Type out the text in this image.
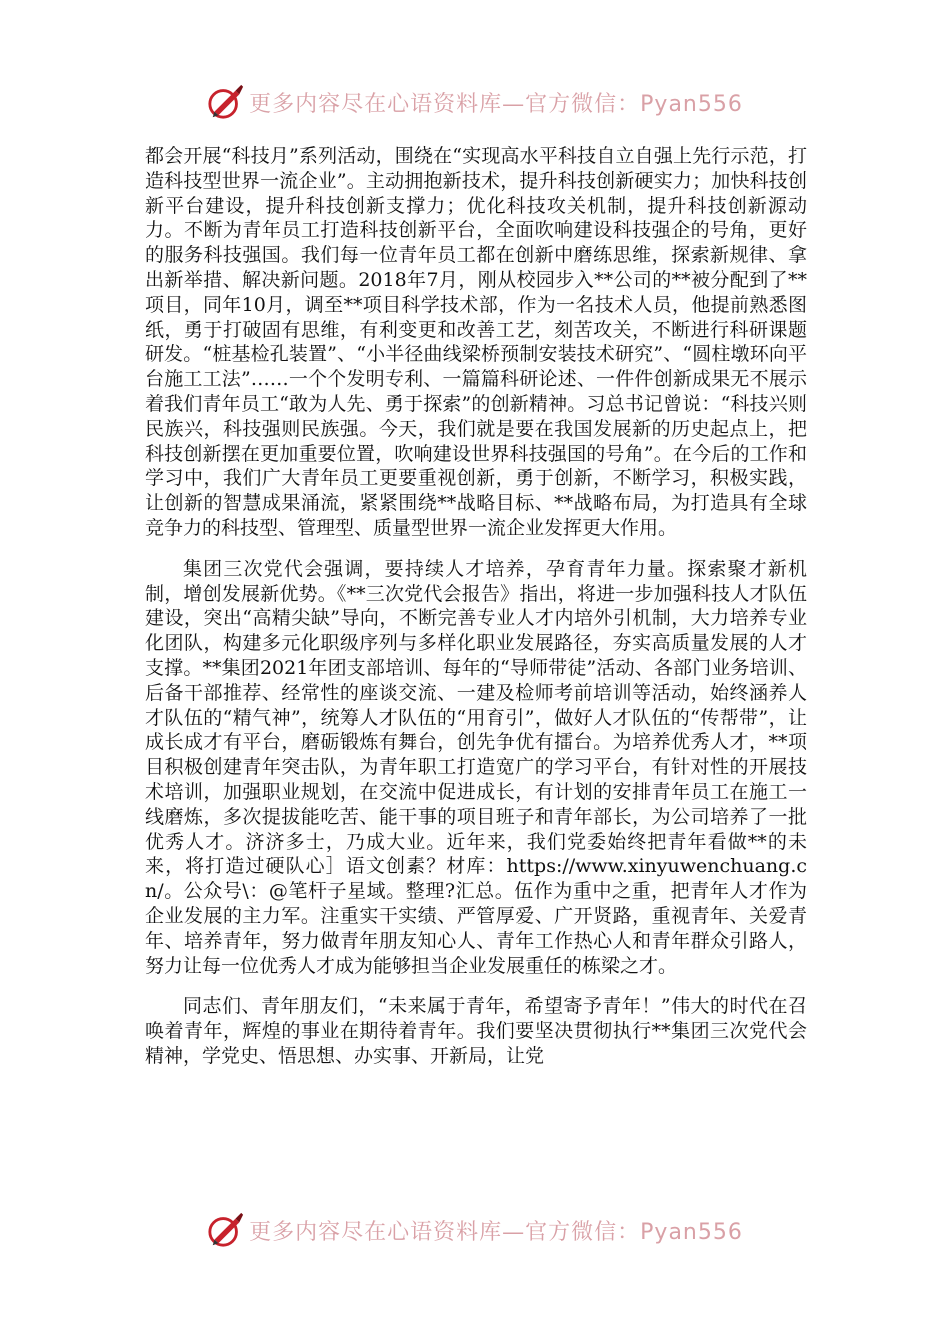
更多内容尽在心语资料库—官方微信：Pyan556

都会开展“科技月”系列活动，围绕在“实现高水平科技自立自强上先行示范，打造科技型世界一流企业”。主动拥抱新技术，提升科技创新硬实力；加快科技创新平台建设，提升科技创新支撑力；优化科技攻关机制，提升科技创新源动力。不断为青年员工打造科技创新平台，全面吹响建设科技强企的号角，更好的服务科技强国。我们每一位青年员工都在创新中磨练思维，探索新规律、拿出新举措、解决新问题。2018年7月，刚从校园步入**公司的**被分配到了**项目，同年10月，调至**项目科学技术部，作为一名技术人员，他提前熟悉图纸，勇于打破固有思维，有利变更和改善工艺，刻苦攻关，不断进行科研课题研发。“桩基检孔装置”、“小半径曲线梁桥预制安装技术研究”、“圆柱墩环向平台施工工法”……一个个发明专利、一篇篇科研论述、一件件创新成果无不展示着我们青年员工“敢为人先、勇于探索”的创新精神。习总书记曾说：“科技兴则民族兴，科技强则民族强。今天，我们就是要在我国发展新的历史起点上，把科技创新摆在更加重要位置，吹响建设世界科技强国的号角”。在今后的工作和学习中，我们广大青年员工更要重视创新，勇于创新，不断学习，积极实践，让创新的智慧成果涌流，紧紧围绕**战略目标、**战略布局，为打造具有全球竞争力的科技型、管理型、质量型世界一流企业发挥更大作用。

集团三次党代会强调，要持续人才培养，孕育青年力量。探索聚才新机制，增创发展新优势。《**三次党代会报告》指出，将进一步加强科技人才队伍建设，突出“高精尖缺”导向，不断完善专业人才内培外引机制，大力培养专业化团队，构建多元化职级序列与多样化职业发展路径，夯实高质量发展的人才支撑。**集团2021年团支部培训、每年的“导师带徒”活动、各部门业务培训、后备干部推荐、经常性的座谈交流、一建及检师考前培训等活动，始终涵养人才队伍的“精气神”，统筹人才队伍的“用育引”，做好人才队伍的“传帮带”，让成长成才有平台，磨砺锻炼有舞台，创先争优有擂台。为培养优秀人才，**项目积极创建青年突击队，为青年职工打造宽广的学习平台，有针对性的开展技术培训，加强职业规划，在交流中促进成长，有计划的安排青年员工在施工一线磨炼，多次提拔能吃苦、能干事的项目班子和青年部长，为公司培养了一批优秀人才。济济多士，乃成大业。近年来，我们党委始终把青年看做**的未来，将打造过硬队心］语文创素？材库：https://www.xinyuwenchuang.cn/。公众号\：@笔杆子星域。整理?汇总。伍作为重中之重，把青年人才作为企业发展的主力军。注重实干实绩、严管厚爱、广开贤路，重视青年、关爱青年、培养青年，努力做青年朋友知心人、青年工作热心人和青年群众引路人，努力让每一位优秀人才成为能够担当企业发展重任的栋梁之才。

同志们、青年朋友们，“未来属于青年，希望寄予青年！”伟大的时代在召唤着青年，辉煌的事业在期待着青年。我们要坚决贯彻执行**集团三次党代会精神，学党史、悟思想、办实事、开新局，让党

更多内容尽在心语资料库—官方微信：Pyan556
